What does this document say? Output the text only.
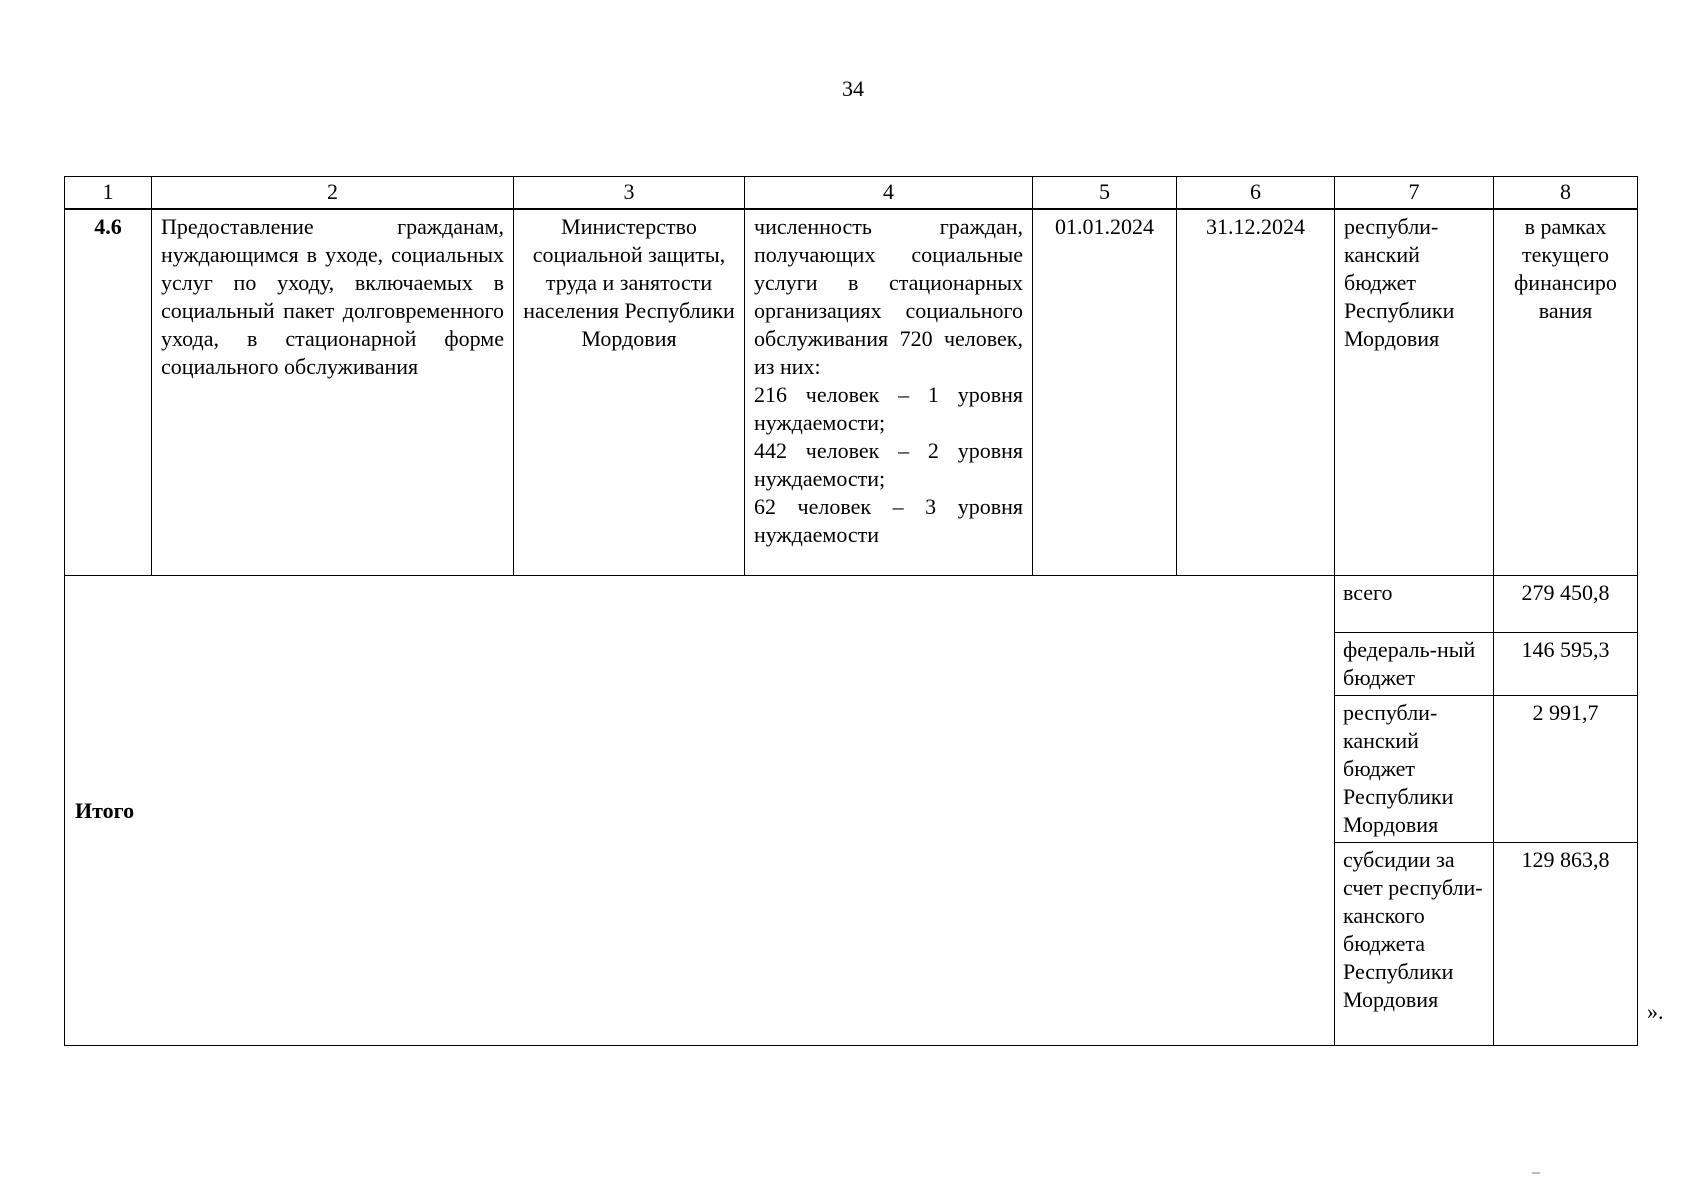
34
1	2	3	4	5	6	7	8
4.6	Предоставление гражданам, нуждающимся в уходе, социальных услуг по уходу, включаемых в социальный пакет долговременного ухода, в стационарной форме социального обслуживания	Министерство социальной защиты, труда и занятости населения Республики Мордовия	численность граждан, получающих социальные услуги в стационарных организациях социального обслуживания 720 человек, из них:
216 человек – 1 уровня нуждаемости;
442 человек – 2 уровня нуждаемости;
62 человек – 3 уровня нуждаемости	01.01.2024	31.12.2024	республи-канский бюджет Республики Мордовия	в рамках текущего финансиро вания
Итого						всего	279 450,8
						федераль-ный бюджет	146 595,3
						республи-канский бюджет Республики Мордовия	2 991,7
						субсидии за счет республи-канского бюджета Республики Мордовия	129 863,8
».
